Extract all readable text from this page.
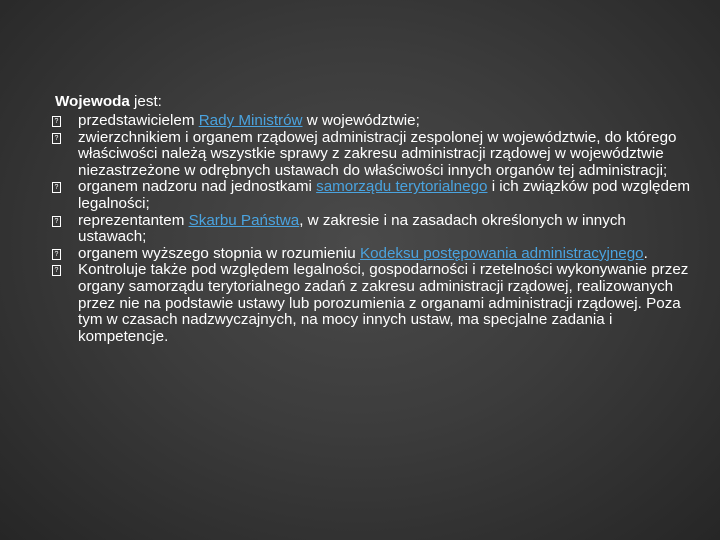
Wojewoda jest:
? przedstawicielem Rady Ministrów w województwie;
? zwierzchnikiem i organem rządowej administracji zespolonej w województwie, do którego właściwości należą wszystkie sprawy z zakresu administracji rządowej w województwie niezastrzeżone w odrębnych ustawach do właściwości innych organów tej administracji;
? organem nadzoru nad jednostkami samorządu terytorialnego i ich związków pod względem legalności;
? reprezentantem Skarbu Państwa, w zakresie i na zasadach określonych w innych ustawach;
? organem wyższego stopnia w rozumieniu Kodeksu postępowania administracyjnego.
? Kontroluje także pod względem legalności, gospodarności i rzetelności wykonywanie przez organy samorządu terytorialnego zadań z zakresu administracji rządowej, realizowanych przez nie na podstawie ustawy lub porozumienia z organami administracji rządowej. Poza tym w czasach nadzwyczajnych, na mocy innych ustaw, ma specjalne zadania i kompetencje.
